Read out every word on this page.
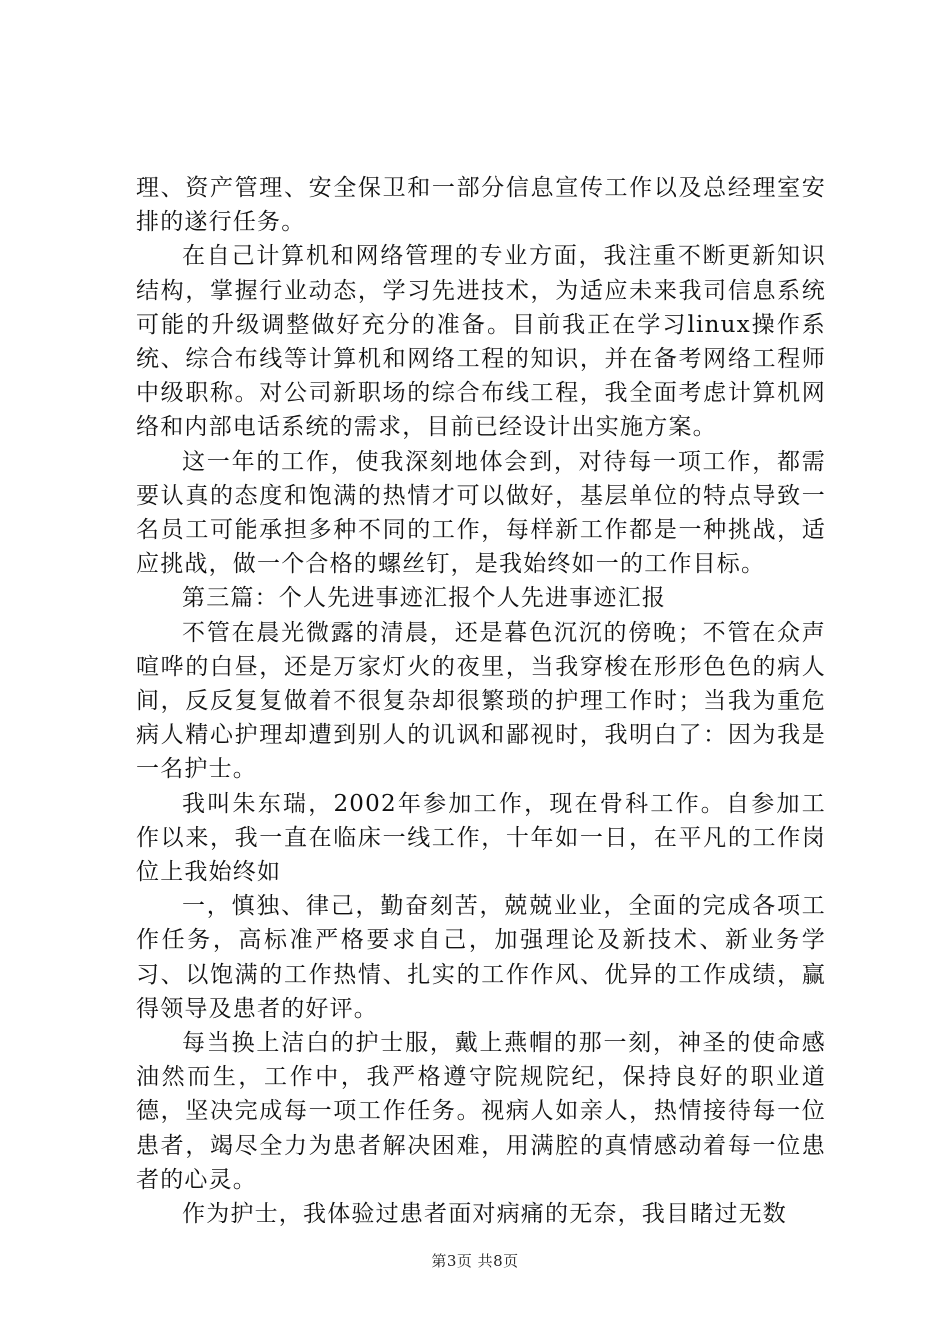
理、资产管理、安全保卫和一部分信息宣传工作以及总经理室安排的遂行任务。

在自己计算机和网络管理的专业方面，我注重不断更新知识结构，掌握行业动态，学习先进技术，为适应未来我司信息系统可能的升级调整做好充分的准备。目前我正在学习linux操作系统、综合布线等计算机和网络工程的知识，并在备考网络工程师中级职称。对公司新职场的综合布线工程，我全面考虑计算机网络和内部电话系统的需求，目前已经设计出实施方案。

这一年的工作，使我深刻地体会到，对待每一项工作，都需要认真的态度和饱满的热情才可以做好，基层单位的特点导致一名员工可能承担多种不同的工作，每样新工作都是一种挑战，适应挑战，做一个合格的螺丝钉，是我始终如一的工作目标。

第三篇：个人先进事迹汇报个人先进事迹汇报

不管在晨光微露的清晨，还是暮色沉沉的傍晚；不管在众声喧哗的白昼，还是万家灯火的夜里，当我穿梭在形形色色的病人间，反反复复做着不很复杂却很繁琐的护理工作时；当我为重危病人精心护理却遭到别人的讥讽和鄙视时，我明白了：因为我是一名护士。

我叫朱东瑞，2002年参加工作，现在骨科工作。自参加工作以来，我一直在临床一线工作，十年如一日，在平凡的工作岗位上我始终如

一，慎独、律己，勤奋刻苦，兢兢业业，全面的完成各项工作任务，高标准严格要求自己，加强理论及新技术、新业务学习、以饱满的工作热情、扎实的工作作风、优异的工作成绩，赢得领导及患者的好评。

每当换上洁白的护士服，戴上燕帽的那一刻，神圣的使命感油然而生，工作中，我严格遵守院规院纪，保持良好的职业道德，坚决完成每一项工作任务。视病人如亲人，热情接待每一位患者，竭尽全力为患者解决困难，用满腔的真情感动着每一位患者的心灵。

作为护士，我体验过患者面对病痛的无奈，我目睹过无数

第3页 共8页
